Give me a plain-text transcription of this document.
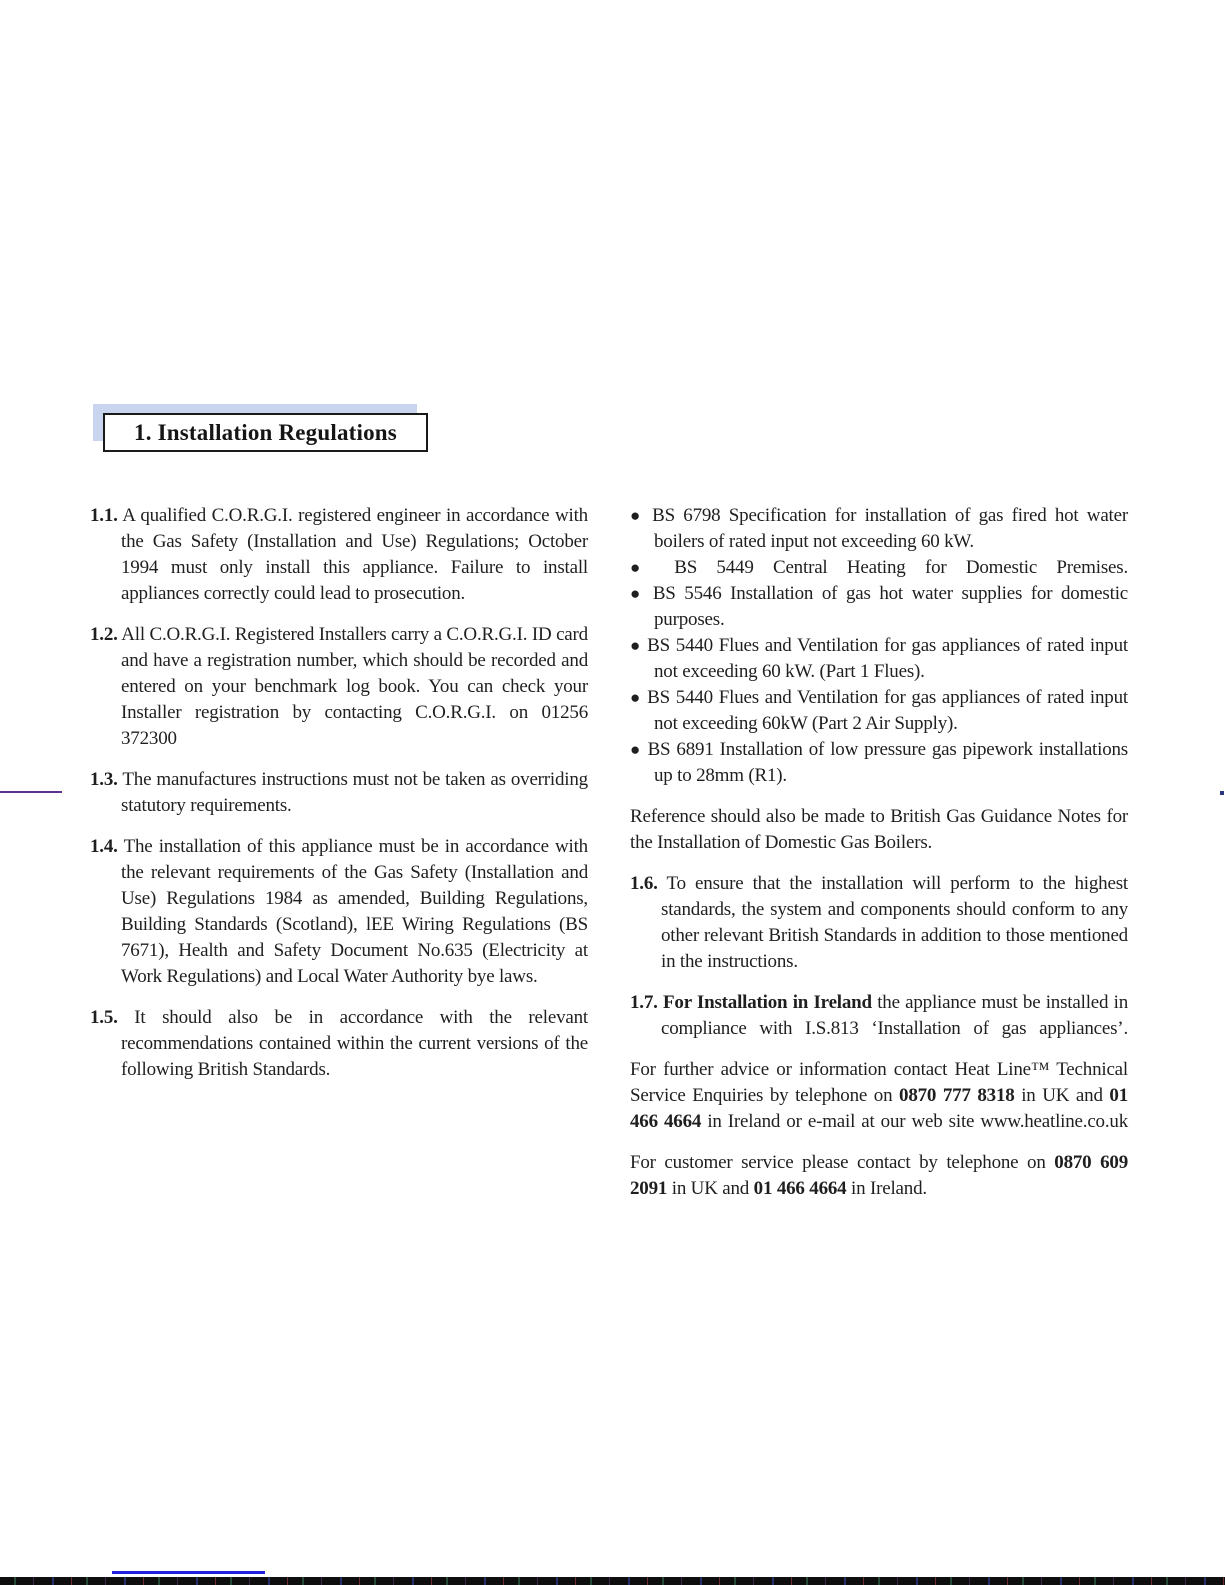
1. Installation Regulations

1.1. A qualified C.O.R.G.I. registered engineer in accordance with the Gas Safety (Installation and Use) Regulations; October 1994 must only install this appliance. Failure to install appliances correctly could lead to prosecution.

1.2. All C.O.R.G.I. Registered Installers carry a C.O.R.G.I. ID card and have a registration number, which should be recorded and entered on your benchmark log book. You can check your Installer registration by contacting C.O.R.G.I. on 01256 372300

1.3. The manufactures instructions must not be taken as overriding statutory requirements.

1.4. The installation of this appliance must be in accordance with the relevant requirements of the Gas Safety (Installation and Use) Regulations 1984 as amended, Building Regulations, Building Standards (Scotland), lEE Wiring Regulations (BS 7671), Health and Safety Document No.635 (Electricity at Work Regulations) and Local Water Authority bye laws.

1.5. It should also be in accordance with the relevant recommendations contained within the current versions of the following British Standards.

● BS 6798 Specification for installation of gas fired hot water boilers of rated input not exceeding 60 kW.
● BS 5449 Central Heating for Domestic Premises.
● BS 5546 Installation of gas hot water supplies for domestic purposes.
● BS 5440 Flues and Ventilation for gas appliances of rated input not exceeding 60 kW. (Part 1 Flues).
● BS 5440 Flues and Ventilation for gas appliances of rated input not exceeding 60kW (Part 2 Air Supply).
● BS 6891 Installation of low pressure gas pipework installations up to 28mm (R1).

Reference should also be made to British Gas Guidance Notes for the Installation of Domestic Gas Boilers.

1.6. To ensure that the installation will perform to the highest standards, the system and components should conform to any other relevant British Standards in addition to those mentioned in the instructions.

1.7. For Installation in Ireland the appliance must be installed in compliance with I.S.813 ‘Installation of gas appliances’.

For further advice or information contact Heat Line™ Technical Service Enquiries by telephone on 0870 777 8318 in UK and 01 466 4664 in Ireland or e-mail at our web site www.heatline.co.uk

For customer service please contact by telephone on 0870 609 2091 in UK and 01 466 4664 in Ireland.
